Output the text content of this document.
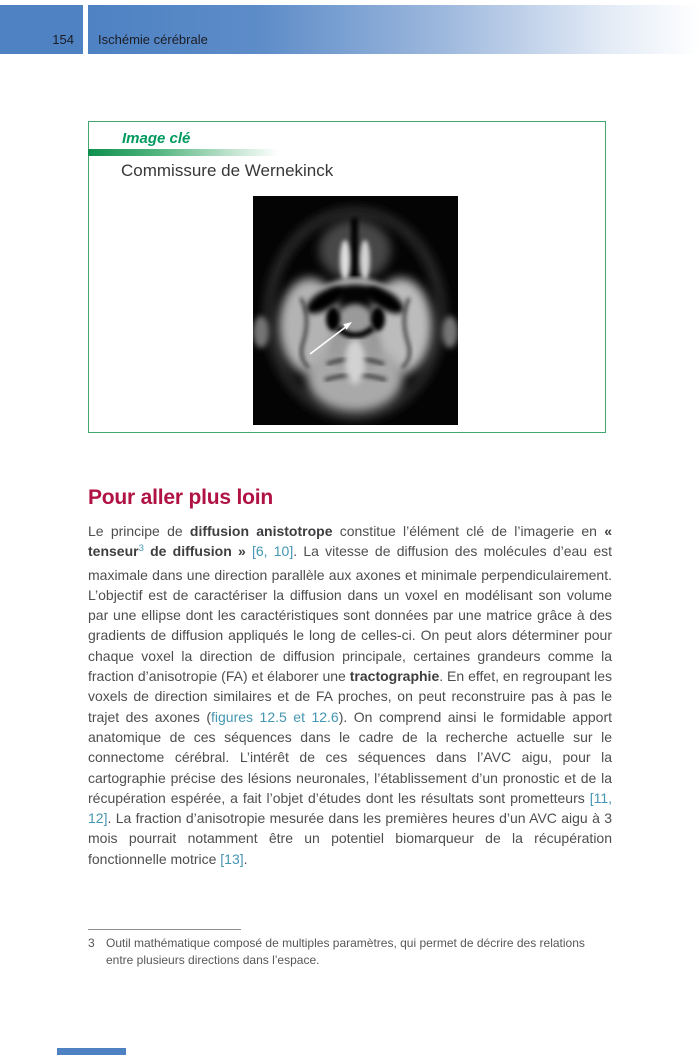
154 Ischémie cérébrale
Image clé
Commissure de Wernekinck
Pour aller plus loin

Le principe de diffusion anistotrope constitue l’élément clé de l’imagerie en « tenseur$^3$ de diffusion » [6, 10]. La vitesse de diffusion des molécules d’eau est maximale dans une direction parallèle aux axones et minimale perpendiculairement. L’objectif est de caractériser la diffusion dans un voxel en modélisant son volume par une ellipse dont les caractéristiques sont données par une matrice grâce à des gradients de diffusion appliqués le long de celles-ci. On peut alors déterminer pour chaque voxel la direction de diffusion principale, certaines grandeurs comme la fraction d’anisotropie (FA) et élaborer une tractographie. En effet, en regroupant les voxels de direction similaires et de FA proches, on peut reconstruire pas à pas le trajet des axones (figures 12.5 et 12.6). On comprend ainsi le formidable apport anatomique de ces séquences dans le cadre de la recherche actuelle sur le connectome cérébral. L’intérêt de ces séquences dans l’AVC aigu, pour la cartographie précise des lésions neuronales, l’établissement d’un pronostic et de la récupération espérée, a fait l’objet d’études dont les résultats sont prometteurs [11, 12]. La fraction d’anisotropie mesurée dans les premières heures d’un AVC aigu à 3 mois pourrait notamment être un potentiel biomarqueur de la récupération fonctionnelle motrice [13].

3 Outil mathématique composé de multiples paramètres, qui permet de décrire des relations entre plusieurs directions dans l’espace.
